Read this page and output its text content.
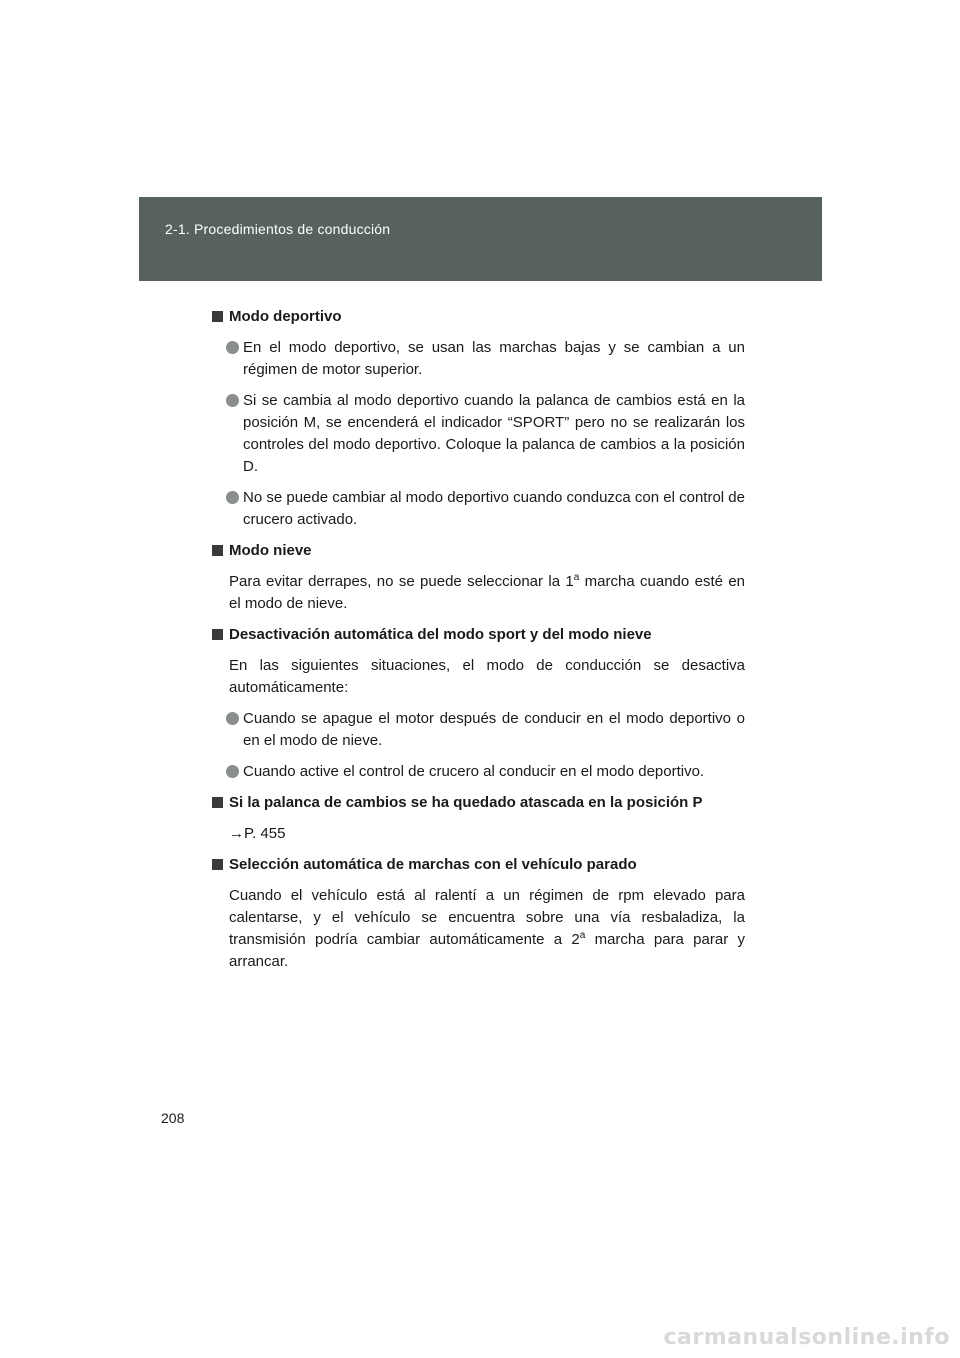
2-1. Procedimientos de conducción
Modo deportivo
En el modo deportivo, se usan las marchas bajas y se cambian a un régimen de motor superior.
Si se cambia al modo deportivo cuando la palanca de cambios está en la posición M, se encenderá el indicador “SPORT” pero no se realizarán los controles del modo deportivo. Coloque la palanca de cambios a la posición D.
No se puede cambiar al modo deportivo cuando conduzca con el control de crucero activado.
Modo nieve
Para evitar derrapes, no se puede seleccionar la 1$^a$ marcha cuando esté en el modo de nieve.
Desactivación automática del modo sport y del modo nieve
En las siguientes situaciones, el modo de conducción se desactiva automáticamente:
Cuando se apague el motor después de conducir en el modo deportivo o en el modo de nieve.
Cuando active el control de crucero al conducir en el modo deportivo.
Si la palanca de cambios se ha quedado atascada en la posición P
→P. 455
Selección automática de marchas con el vehículo parado
Cuando el vehículo está al ralentí a un régimen de rpm elevado para calentarse, y el vehículo se encuentra sobre una vía resbaladiza, la transmisión podría cambiar automáticamente a 2$^a$ marcha para parar y arrancar.
208
carmanualsonline.info
